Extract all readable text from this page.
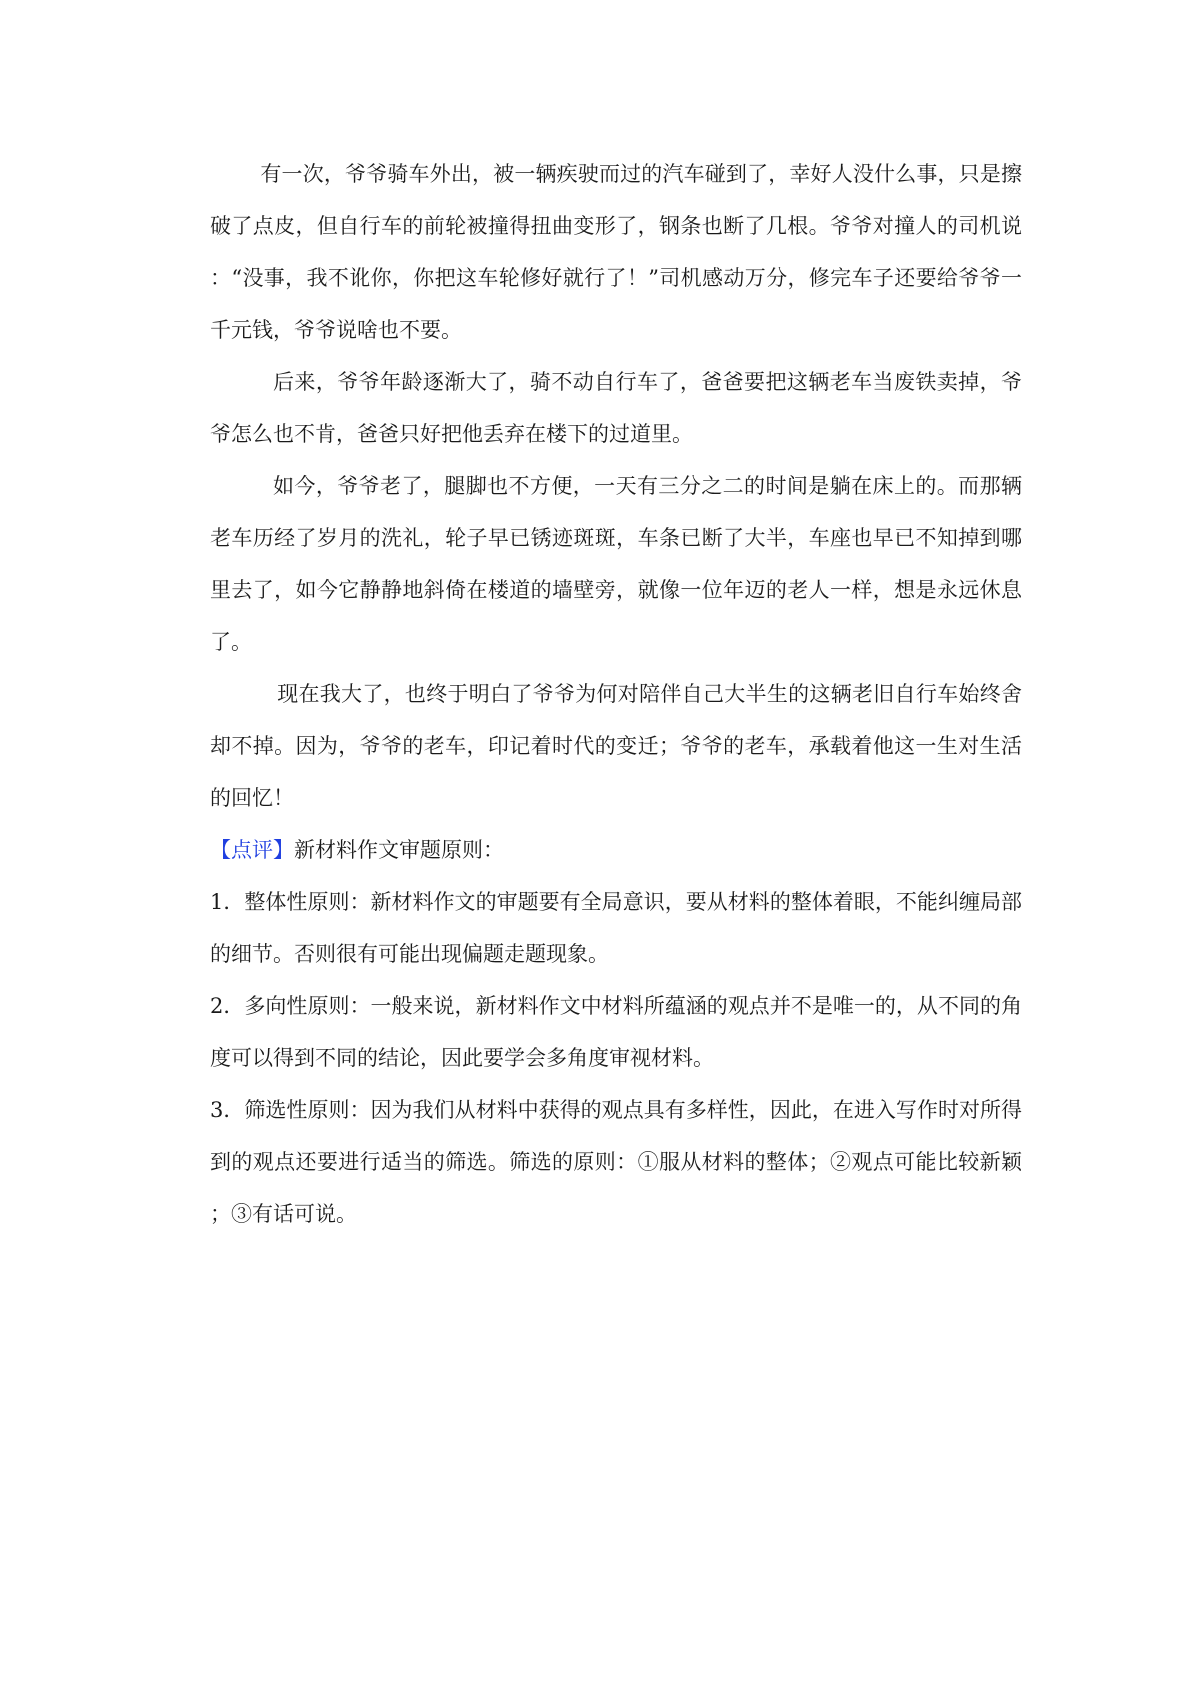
有一次，爷爷骑车外出，被一辆疾驶而过的汽车碰到了，幸好人没什么事，只是擦破了点皮，但自行车的前轮被撞得扭曲变形了，钢条也断了几根。爷爷对撞人的司机说：“没事，我不讹你，你把这车轮修好就行了！”司机感动万分，修完车子还要给爷爷一千元钱，爷爷说啥也不要。

后来，爷爷年龄逐渐大了，骑不动自行车了，爸爸要把这辆老车当废铁卖掉，爷爷怎么也不肯，爸爸只好把他丢弃在楼下的过道里。

如今，爷爷老了，腿脚也不方便，一天有三分之二的时间是躺在床上的。而那辆老车历经了岁月的洗礼，轮子早已锈迹斑斑，车条已断了大半，车座也早已不知掉到哪里去了，如今它静静地斜倚在楼道的墙壁旁，就像一位年迈的老人一样，想是永远休息了。

现在我大了，也终于明白了爷爷为何对陪伴自己大半生的这辆老旧自行车始终舍却不掉。因为，爷爷的老车，印记着时代的变迁；爷爷的老车，承载着他这一生对生活的回忆！

【点评】新材料作文审题原则：

1．整体性原则：新材料作文的审题要有全局意识，要从材料的整体着眼，不能纠缠局部的细节。否则很有可能出现偏题走题现象。

2．多向性原则：一般来说，新材料作文中材料所蕴涵的观点并不是唯一的，从不同的角度可以得到不同的结论，因此要学会多角度审视材料。

3．筛选性原则：因为我们从材料中获得的观点具有多样性，因此，在进入写作时对所得到的观点还要进行适当的筛选。筛选的原则：①服从材料的整体；②观点可能比较新颖；③有话可说。
